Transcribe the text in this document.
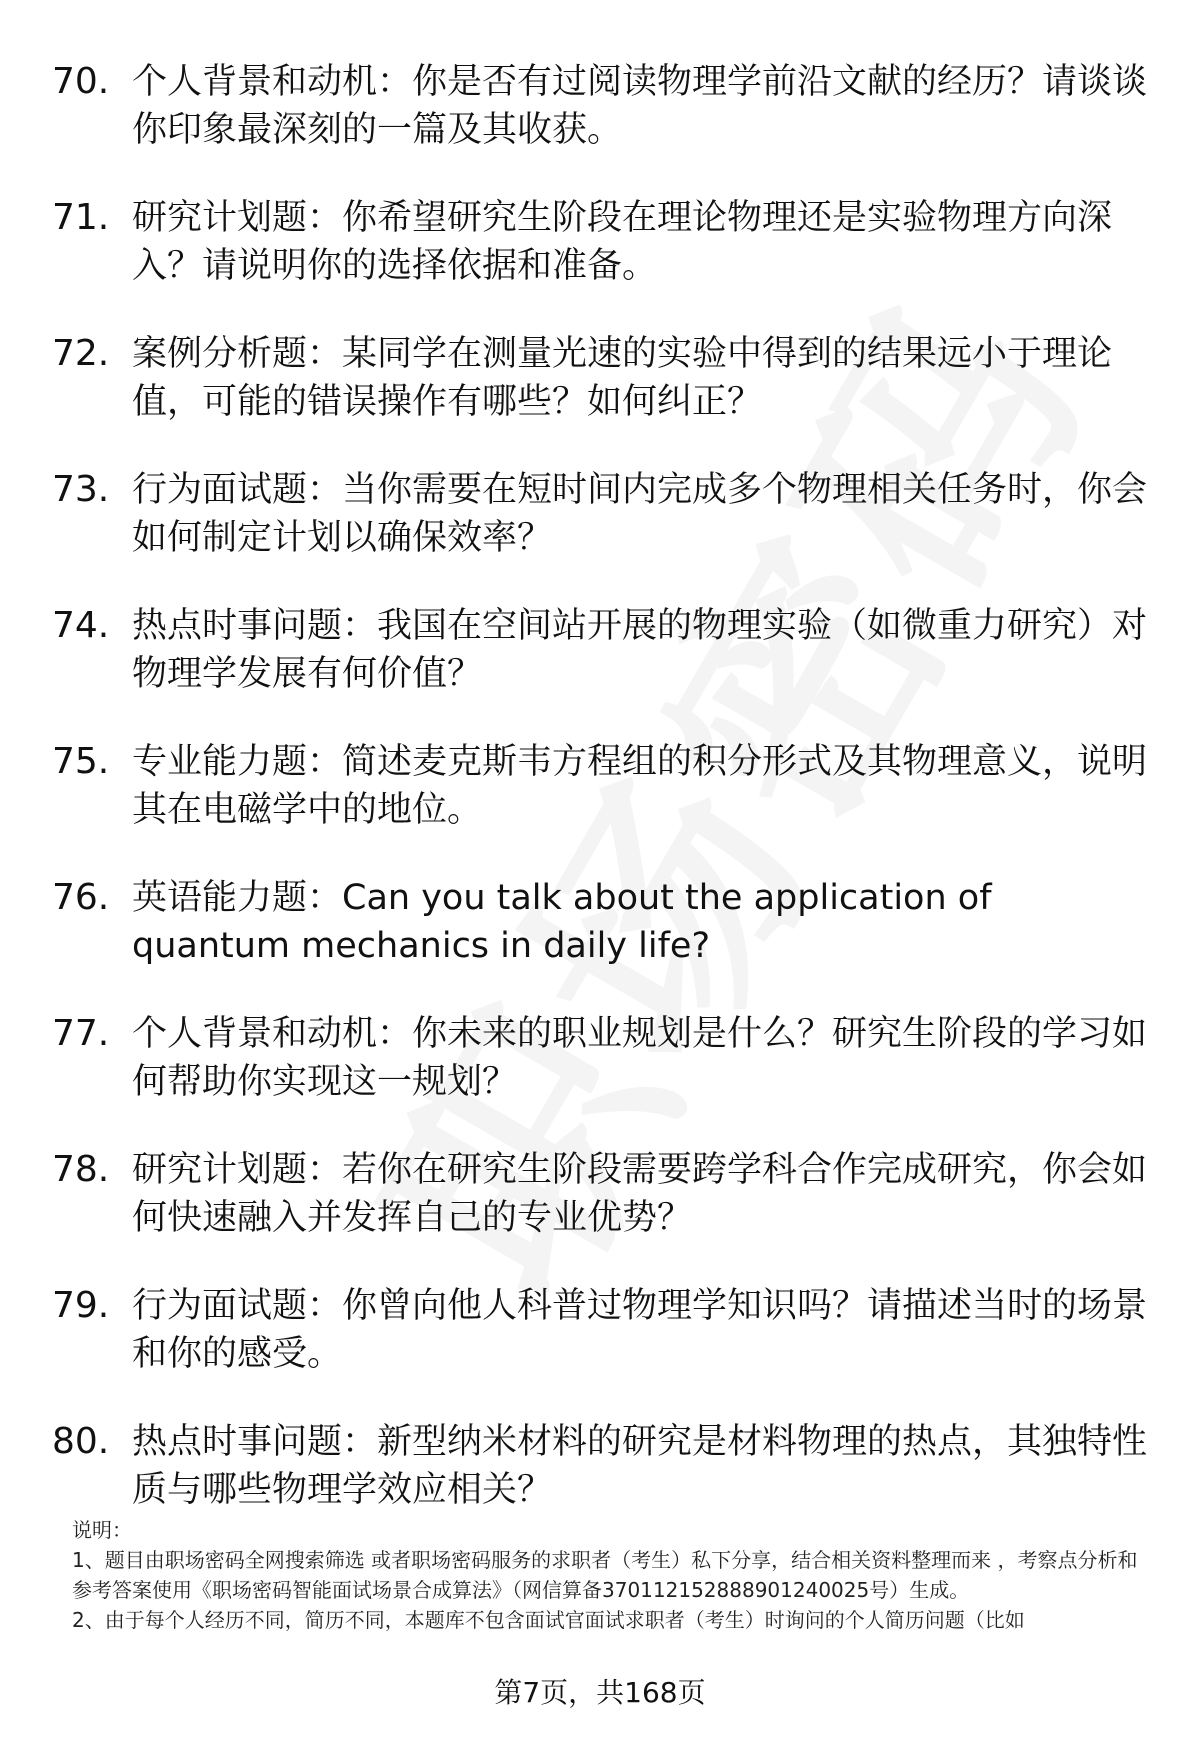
70. 个人背景和动机：你是否有过阅读物理学前沿文献的经历？请谈谈你印象最深刻的一篇及其收获。
71. 研究计划题：你希望研究生阶段在理论物理还是实验物理方向深入？请说明你的选择依据和准备。
72. 案例分析题：某同学在测量光速的实验中得到的结果远小于理论值，可能的错误操作有哪些？如何纠正？
73. 行为面试题：当你需要在短时间内完成多个物理相关任务时，你会如何制定计划以确保效率？
74. 热点时事问题：我国在空间站开展的物理实验（如微重力研究）对物理学发展有何价值？
75. 专业能力题：简述麦克斯韦方程组的积分形式及其物理意义，说明其在电磁学中的地位。
76. 英语能力题：Can you talk about the application of quantum mechanics in daily life?
77. 个人背景和动机：你未来的职业规划是什么？研究生阶段的学习如何帮助你实现这一规划？
78. 研究计划题：若你在研究生阶段需要跨学科合作完成研究，你会如何快速融入并发挥自己的专业优势？
79. 行为面试题：你曾向他人科普过物理学知识吗？请描述当时的场景和你的感受。
80. 热点时事问题：新型纳米材料的研究是材料物理的热点，其独特性质与哪些物理学效应相关？

说明：

1、题目由职场密码全网搜索筛选 或者职场密码服务的求职者（考生）私下分享，结合相关资料整理而来 ，考察点分析和参考答案使用《职场密码智能面试场景合成算法》（网信算备370112152888901240025号）生成。

2、由于每个人经历不同，简历不同，本题库不包含面试官面试求职者（考生）时询问的个人简历问题（比如

第7页，共168页
